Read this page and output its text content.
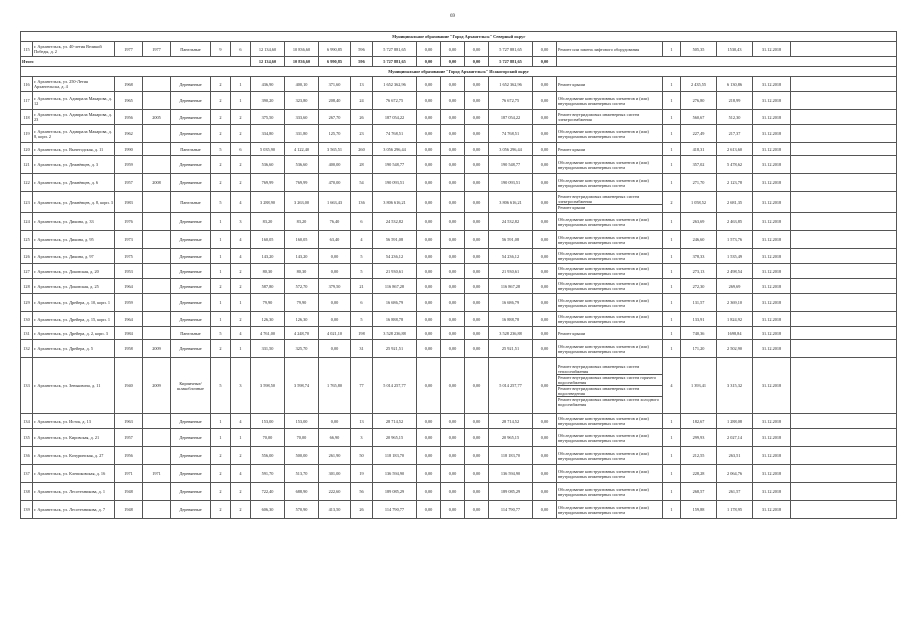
69
Муниципальное образование "Город Архангельск" Северный округ																						
115	г. Архангельск, ул. 40-летия Великой Победы, д. 2	1977	1977	Панельные	9	6	12 134,60	10 836,60	6 990,85	596	5 727 881,65	0,00	0,00	0,00	5 727 881,65	0,00	Ремонт или замена лифтового оборудования	1	505,35	1530,43	31.12.2018	
Итого							12 134,60	10 836,60	6 990,85	596	5 727 881,65	0,00	0,00	0,00	5 727 881,65	0,00						
Муниципальное образование "Город Архангельск" Исакогорский округ																						
116	г. Архангельск, ул. 250-Летия Архангельска, д. 4	1968		Деревянные	2	1	436,90	400,10	371,60	13	1 652 362,96	0,00	0,00	0,00	1 652 362,96	0,00	Ремонт крыши	1	2 435,55	6 130,86	31.12.2018	
117	г. Архангельск, ул. Адмирала Макарова, д. 12	1965		Деревянные	2	1	390,20	323,80	208,40	24	76 672,75	0,00	0,00	0,00	76 672,75	0,00	Обследование конструктивных элементов и (или) внутридомовых инженерных систем	1	276,80	218,99	31.12.2018	
118	г. Архангельск, ул. Адмирала Макарова, д. 23	1956	2005	Деревянные	2	2	375,50	333,60	267,70	26	187 054,22	0,00	0,00	0,00	187 054,22	0,00	Ремонт внутридомовых инженерных систем электроснабжения	1	560,67	512,30	31.12.2018	
119	г. Архангельск, ул. Адмирала Макарова, д. 8, корп. 2	1962		Деревянные	2	2	334,80	331,80	125,70	23	74 768,51	0,00	0,00	0,00	74 768,51	0,00	Обследование конструктивных элементов и (или) внутридомовых инженерных систем	1	227,49	217,37	31.12.2018	
120	г. Архангельск, ул. Вычегодская, д. 11	1990		Панельные	5	6	5 035,90	4 122,40	3 565,51	260	3 056 296,44	0,00	0,00	0,00	3 056 296,44	0,00	Ремонт крыши	1	418,31	2 613,60	31.12.2018	
121	г. Архангельск, ул. Дежнёвцев, д. 3	1959		Деревянные	2	2	536,60	536,60	400,00	28	190 548,77	0,00	0,00	0,00	190 548,77	0,00	Обследование конструктивных элементов и (или) внутридомовых инженерных систем	1	357,02	5 478,62	31.12.2018	
122	г. Архангельск, ул. Дежнёвцев, д. 6	1957	2008	Деревянные	2	2	769,99	769,99	470,00	54	190 093,51	0,00	0,00	0,00	190 093,51	0,00	Обследование конструктивных элементов и (или) внутридомовых инженерных систем	1	271,70	2 123,78	31.12.2018	
123	г. Архангельск, ул. Дежнёвцев, д. 8, корп. 3	1983		Панельные	5	4	3 288,90	3 263,00	1 663,43	136	3 806 616,21	0,00	0,00	0,00	3 806 616,21	0,00	Ремонт внутридомовых инженерных систем электроснабжения
Ремонт крыши	2	1 058,52	2 681,35	31.12.2018	
124	г. Архангельск, ул. Дикина, д. 33	1976		Деревянные	1	3	83,20	83,20	76,40	6	24 532,82	0,00	0,00	0,00	24 532,82	0,00	Обследование конструктивных элементов и (или) внутридомовых инженерных систем	1	263,69	2 463,85	31.12.2018	
125	г. Архангельск, ул. Дикина, д. 95	1973		Деревянные	1	4	160,05	160,05	63,40	4	56 591,08	0,00	0,00	0,00	56 591,08	0,00	Обследование конструктивных элементов и (или) внутридомовых инженерных систем	1	246,60	1 573,76	31.12.2018	
126	г. Архангельск, ул. Дикина, д. 97	1975		Деревянные	1	4	143,20	143,20	0,00	5	54 236,12	0,00	0,00	0,00	54 236,12	0,00	Обследование конструктивных элементов и (или) внутридомовых инженерных систем	1	378,33	1 535,49	31.12.2018	
127	г. Архангельск, ул. Доковская, д. 20	1953		Деревянные	1	2	80,30	80,30	0,00	5	21 930,61	0,00	0,00	0,00	21 930,61	0,00	Обследование конструктивных элементов и (или) внутридомовых инженерных систем	1	273,13	2 498,54	31.12.2018	
128	г. Архангельск, ул. Доковская, д. 25	1964		Деревянные	2	2	587,80	572,70	379,50	21	116 867,28	0,00	0,00	0,00	116 867,28	0,00	Обследование конструктивных элементов и (или) внутридомовых инженерных систем	1	272,30	269,69	31.12.2018	
129	г. Архангельск, ул. Дрейера, д. 10, корп. 1	1959		Деревянные	1	1	79,90	79,90	0,00	6	16 686,79	0,00	0,00	0,00	16 686,79	0,00	Обследование конструктивных элементов и (или) внутридомовых инженерных систем	1	131,57	2 369,10	31.12.2018	
130	г. Архангельск, ул. Дрейера, д. 15, корп. 1	1964		Деревянные	1	2	126,30	126,30	0,00	5	16 888,78	0,00	0,00	0,00	16 888,78	0,00	Обследование конструктивных элементов и (или) внутридомовых инженерных систем	1	133,91	1 824,92	31.12.2018	
131	г. Архангельск, ул. Дрейера, д. 2, корп. 3	1984		Панельные	5	4	4 761,00	4 248,70	4 021,10	198	3 528 236,88	0,00	0,00	0,00	3 528 236,88	0,00	Ремонт крыши	1	740,36	1698,84	31.12.2018	
132	г. Архангельск, ул. Дрейера, д. 5	1958	2009	Деревянные	2	1	331,50	325,70	0,00	31	25 921,51	0,00	0,00	0,00	25 921,51	0,00	Обследование конструктивных элементов и (или) внутридомовых инженерных систем	1	171,20	2 502,90	31.12.2018	
133	г. Архангельск, ул. Зеньковича, д. 11	1940	2009	Кирпичные/ шлакоблочные	5	3	3 598,50	3 598,74	1 765,80	77	5 014 257,77	0,00	0,00	0,00	5 014 257,77	0,00	Ремонт внутридомовых инженерных систем теплоснабжения
Ремонт внутридомовых инженерных систем горячего водоснабжения
Ремонт внутридомовых инженерных систем водоотведения
Ремонт внутридомовых инженерных систем холодного водоснабжения	4	1 393,41	3 315,32	31.12.2018	
134	г. Архангельск, ул. Исток, д. 13	1963		Деревянные	1	4	153,00	153,00	0,00	13	28 714,52	0,00	0,00	0,00	28 714,52	0,00	Обследование конструктивных элементов и (или) внутридомовых инженерных систем	1	182,67	1 288,08	31.12.2018	
135	г. Архангельск, ул. Кировская, д. 21	1957		Деревянные	1	1	70,00	70,00	66,90	3	20 965,15	0,00	0,00	0,00	20 965,15	0,00	Обследование конструктивных элементов и (или) внутридомовых инженерных систем	1	299,93	2 027,14	31.12.2018	
136	г. Архангельск, ул. Кочуринская, д. 27	1956		Деревянные	2	2	556,00	500,00	261,90	50	118 183,70	0,00	0,00	0,00	118 183,70	0,00	Обследование конструктивных элементов и (или) внутридомовых инженерных систем	1	212,55	263,51	31.12.2018	
137	г. Архангельск, ул. Клепиковская, д. 16	1971	1971	Деревянные	2	4	591,70	513,70	301,00	19	136 594,90	0,00	0,00	0,00	136 594,90	0,00	Обследование конструктивных элементов и (или) внутридомовых инженерных систем	1	228,28	2 064,76	31.12.2018	
138	г. Архангельск, ул. Лесотехникова, д. 1	1948		Деревянные	2	2	722,40	688,90	222,60	56	189 085,29	0,00	0,00	0,00	189 085,29	0,00	Обследование конструктивных элементов и (или) внутридомовых инженерных систем	1	268,57	261,57	31.12.2018	
139	г. Архангельск, ул. Лесотехникова, д. 7	1948		Деревянные	2	2	606,30	570,90	413,50	26	114 790,77	0,00	0,00	0,00	114 790,77	0,00	Обследование конструктивных элементов и (или) внутридомовых инженерных систем	1	159,88	1 178,95	31.12.2018	
